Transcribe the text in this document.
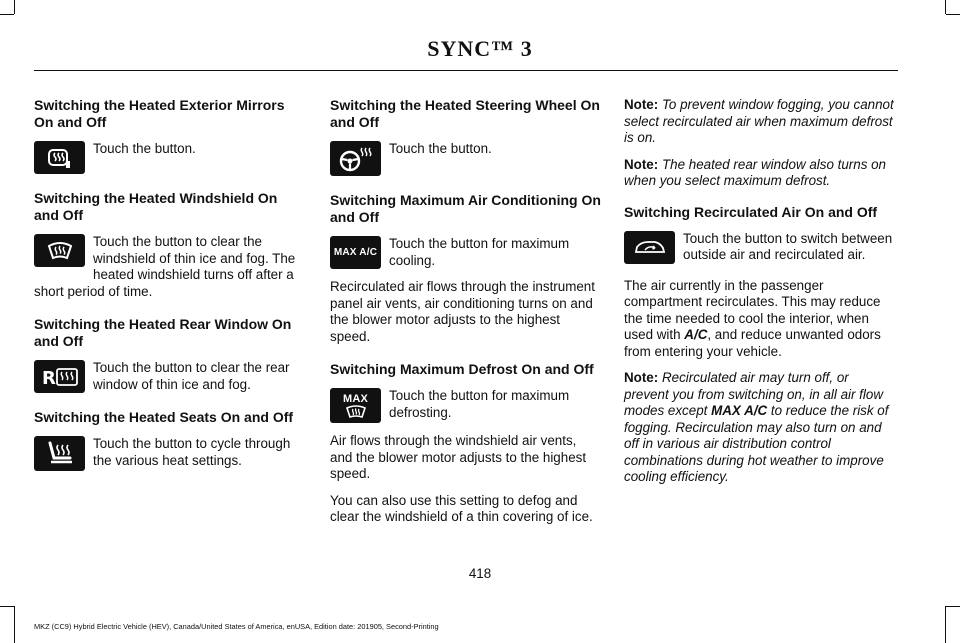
SYNC™ 3
Switching the Heated Exterior Mirrors On and Off
Touch the button.
Switching the Heated Windshield On and Off
Touch the button to clear the windshield of thin ice and fog. The heated windshield turns off after a short period of time.
Switching the Heated Rear Window On and Off
R	Touch the button to clear the rear window of thin ice and fog.
Switching the Heated Seats On and Off
Touch the button to cycle through the various heat settings.
Switching the Heated Steering Wheel On and Off
Touch the button.
Switching Maximum Air Conditioning On and Off
MAX A/C
Touch the button for maximum cooling.

Recirculated air flows through the instrument panel air vents, air conditioning turns on and the blower motor adjusts to the highest speed.

Switching Maximum Defrost On and Off
MAX	Touch the button for maximum defrosting.

Air flows through the windshield air vents, and the blower motor adjusts to the highest speed.

You can also use this setting to defog and clear the windshield of a thin covering of ice.

Note: To prevent window fogging, you cannot select recirculated air when maximum defrost is on.

Note: The heated rear window also turns on when you select maximum defrost.

Switching Recirculated Air On and Off
Touch the button to switch between outside air and recirculated air.

The air currently in the passenger compartment recirculates. This may reduce the time needed to cool the interior, when used with A/C, and reduce unwanted odors from entering your vehicle.

Note: Recirculated air may turn off, or prevent you from switching on, in all air flow modes except MAX A/C to reduce the risk of fogging. Recirculation may also turn on and off in various air distribution control combinations during hot weather to improve cooling efficiency.

418
MKZ (CC9) Hybrid Electric Vehicle (HEV), Canada/United States of America, enUSA, Edition date: 201905, Second-Printing
